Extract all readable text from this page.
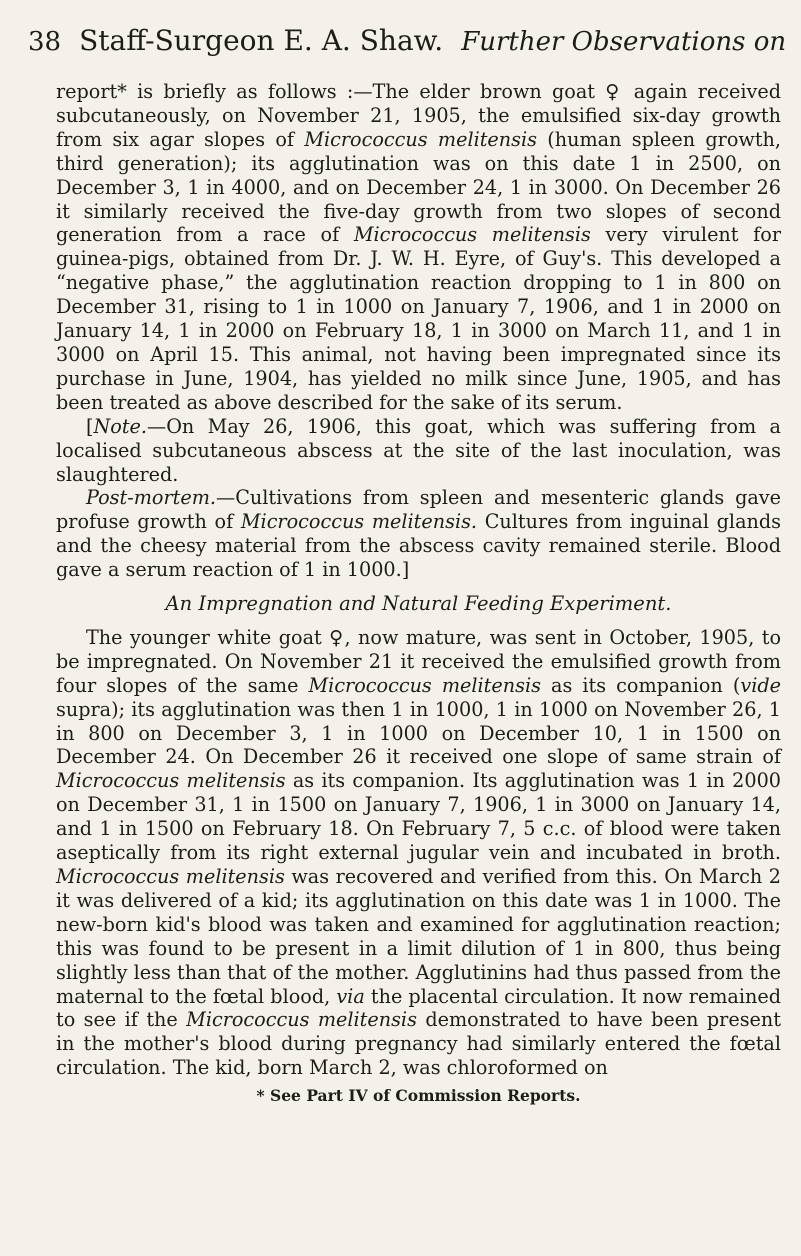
38 Staff-Surgeon E. A. Shaw. Further Observations on

report* is briefly as follows :—The elder brown goat ♀ again received subcutaneously, on November 21, 1905, the emulsified six-day growth from six agar slopes of Micrococcus melitensis (human spleen growth, third generation); its agglutination was on this date 1 in 2500, on December 3, 1 in 4000, and on December 24, 1 in 3000. On December 26 it similarly received the five-day growth from two slopes of second generation from a race of Micrococcus melitensis very virulent for guinea-pigs, obtained from Dr. J. W. H. Eyre, of Guy's. This developed a “negative phase,” the agglutination reaction dropping to 1 in 800 on December 31, rising to 1 in 1000 on January 7, 1906, and 1 in 2000 on January 14, 1 in 2000 on February 18, 1 in 3000 on March 11, and 1 in 3000 on April 15. This animal, not having been impregnated since its purchase in June, 1904, has yielded no milk since June, 1905, and has been treated as above described for the sake of its serum.

[Note.—On May 26, 1906, this goat, which was suffering from a localised subcutaneous abscess at the site of the last inoculation, was slaughtered.

Post-mortem.—Cultivations from spleen and mesenteric glands gave profuse growth of Micrococcus melitensis. Cultures from inguinal glands and the cheesy material from the abscess cavity remained sterile. Blood gave a serum reaction of 1 in 1000.]

An Impregnation and Natural Feeding Experiment.

The younger white goat ♀, now mature, was sent in October, 1905, to be impregnated. On November 21 it received the emulsified growth from four slopes of the same Micrococcus melitensis as its companion (vide supra); its agglutination was then 1 in 1000, 1 in 1000 on November 26, 1 in 800 on December 3, 1 in 1000 on December 10, 1 in 1500 on December 24. On December 26 it received one slope of same strain of Micrococcus melitensis as its companion. Its agglutination was 1 in 2000 on December 31, 1 in 1500 on January 7, 1906, 1 in 3000 on January 14, and 1 in 1500 on February 18. On February 7, 5 c.c. of blood were taken aseptically from its right external jugular vein and incubated in broth. Micrococcus melitensis was recovered and verified from this. On March 2 it was delivered of a kid; its agglutination on this date was 1 in 1000. The new-born kid's blood was taken and examined for agglutination reaction; this was found to be present in a limit dilution of 1 in 800, thus being slightly less than that of the mother. Agglutinins had thus passed from the maternal to the fœtal blood, via the placental circulation. It now remained to see if the Micrococcus melitensis demonstrated to have been present in the mother's blood during pregnancy had similarly entered the fœtal circulation. The kid, born March 2, was chloroformed on

* See Part IV of Commission Reports.
